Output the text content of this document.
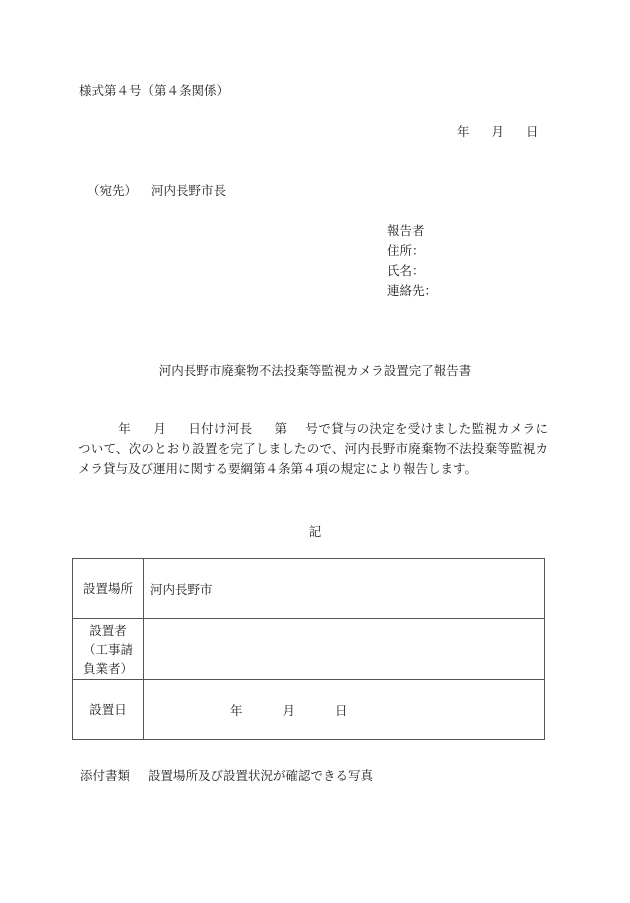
様式第４号（第４条関係）
年 月 日
（宛先） 河内長野市長
報告者
住所：
氏名：
連絡先：
河内長野市廃棄物不法投棄等監視カメラ設置完了報告書
年 月 日付け河長 第 号で貸与の決定を受けました監視カメラについて、次のとおり設置を完了しましたので、河内長野市廃棄物不法投棄等監視カメラ貸与及び運用に関する要綱第４条第４項の規定により報告します。
記
設置場所	河内長野市

設置者
（工事請
負業者）	

設置日	年 月 日
添付書類 設置場所及び設置状況が確認できる写真
